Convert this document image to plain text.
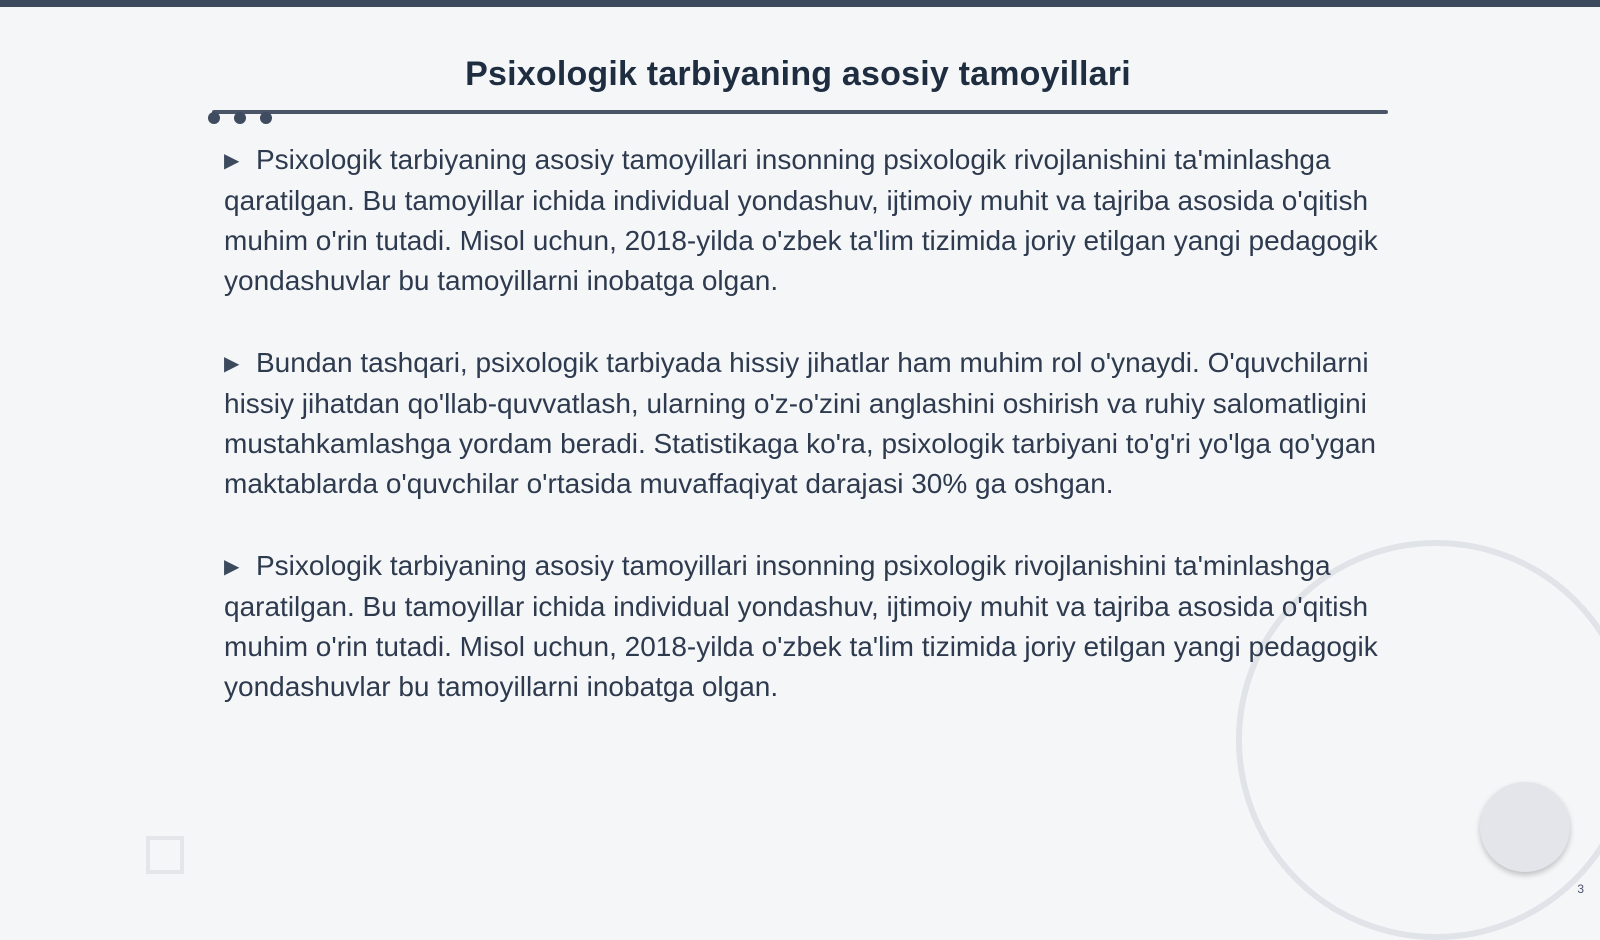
Psixologik tarbiyaning asosiy tamoyillari

▶ Psixologik tarbiyaning asosiy tamoyillari insonning psixologik rivojlanishini ta'minlashga qaratilgan. Bu tamoyillar ichida individual yondashuv, ijtimoiy muhit va tajriba asosida o'qitish muhim o'rin tutadi. Misol uchun, 2018-yilda o'zbek ta'lim tizimida joriy etilgan yangi pedagogik yondashuvlar bu tamoyillarni inobatga olgan.

▶ Bundan tashqari, psixologik tarbiyada hissiy jihatlar ham muhim rol o'ynaydi. O'quvchilarni hissiy jihatdan qo'llab-quvvatlash, ularning o'z-o'zini anglashini oshirish va ruhiy salomatligini mustahkamlashga yordam beradi. Statistikaga ko'ra, psixologik tarbiyani to'g'ri yo'lga qo'ygan maktablarda o'quvchilar o'rtasida muvaffaqiyat darajasi 30% ga oshgan.

▶ Psixologik tarbiyaning asosiy tamoyillari insonning psixologik rivojlanishini ta'minlashga qaratilgan. Bu tamoyillar ichida individual yondashuv, ijtimoiy muhit va tajriba asosida o'qitish muhim o'rin tutadi. Misol uchun, 2018-yilda o'zbek ta'lim tizimida joriy etilgan yangi pedagogik yondashuvlar bu tamoyillarni inobatga olgan.

3
